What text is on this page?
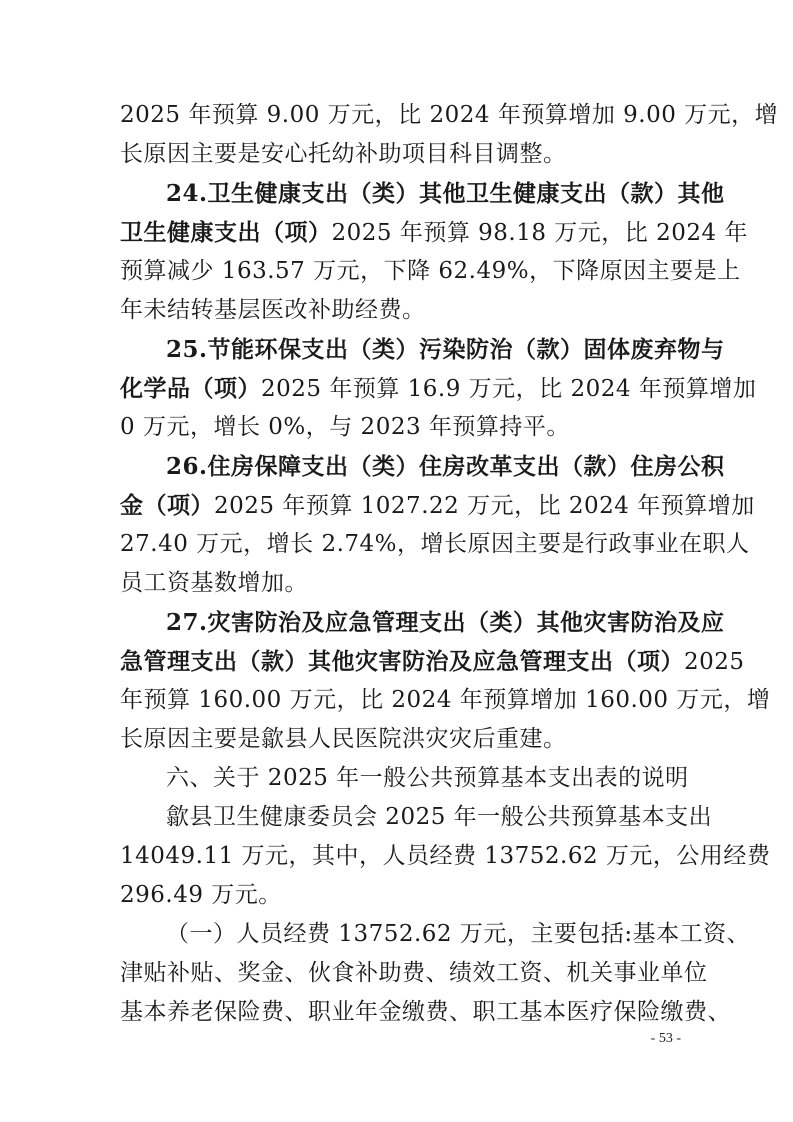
2025 年预算 9.00 万元，比 2024 年预算增加 9.00 万元，增
长原因主要是安心托幼补助项目科目调整。
24.卫生健康支出（类）其他卫生健康支出（款）其他
卫生健康支出（项）2025 年预算 98.18 万元，比 2024 年
预算减少 163.57 万元，下降 62.49%，下降原因主要是上
年未结转基层医改补助经费。
25.节能环保支出（类）污染防治（款）固体废弃物与
化学品（项）2025 年预算 16.9 万元，比 2024 年预算增加
0 万元，增长 0%，与 2023 年预算持平。
26.住房保障支出（类）住房改革支出（款）住房公积
金（项）2025 年预算 1027.22 万元，比 2024 年预算增加
27.40 万元，增长 2.74%，增长原因主要是行政事业在职人
员工资基数增加。
27.灾害防治及应急管理支出（类）其他灾害防治及应
急管理支出（款）其他灾害防治及应急管理支出（项）2025
年预算 160.00 万元，比 2024 年预算增加 160.00 万元，增
长原因主要是歙县人民医院洪灾灾后重建。
六、关于 2025 年一般公共预算基本支出表的说明
歙县卫生健康委员会 2025 年一般公共预算基本支出
14049.11 万元，其中，人员经费 13752.62 万元，公用经费
296.49 万元。
（一）人员经费 13752.62 万元，主要包括:基本工资、
津贴补贴、奖金、伙食补助费、绩效工资、机关事业单位
基本养老保险费、职业年金缴费、职工基本医疗保险缴费、
- 53 -
